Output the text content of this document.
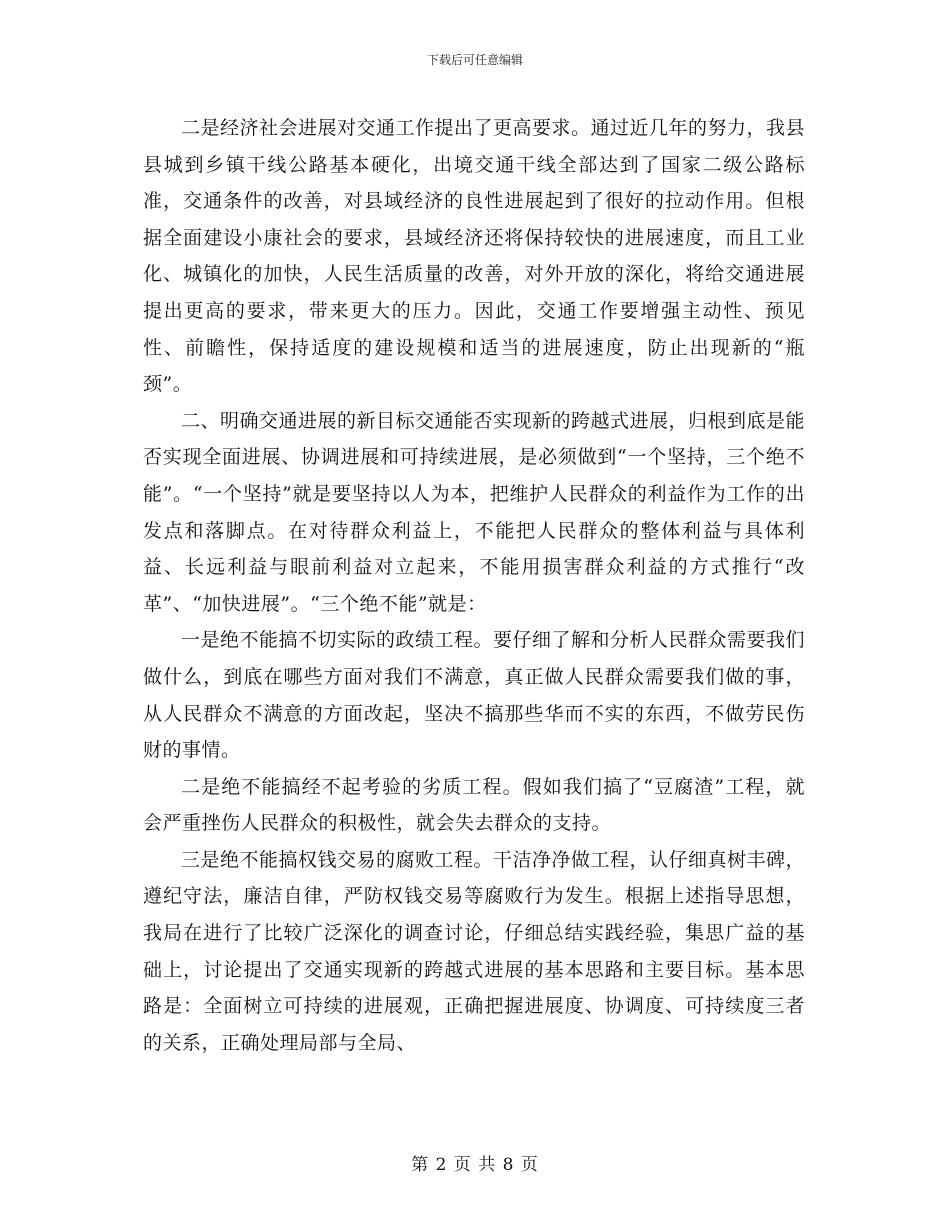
下载后可任意编辑

二是经济社会进展对交通工作提出了更高要求。通过近几年的努力，我县县城到乡镇干线公路基本硬化，出境交通干线全部达到了国家二级公路标准，交通条件的改善，对县域经济的良性进展起到了很好的拉动作用。但根据全面建设小康社会的要求，县域经济还将保持较快的进展速度，而且工业化、城镇化的加快，人民生活质量的改善，对外开放的深化，将给交通进展提出更高的要求，带来更大的压力。因此，交通工作要增强主动性、预见性、前瞻性，保持适度的建设规模和适当的进展速度，防止出现新的“瓶颈”。

二、明确交通进展的新目标交通能否实现新的跨越式进展，归根到底是能否实现全面进展、协调进展和可持续进展，是必须做到“一个坚持，三个绝不能”。“一个坚持”就是要坚持以人为本，把维护人民群众的利益作为工作的出发点和落脚点。在对待群众利益上，不能把人民群众的整体利益与具体利益、长远利益与眼前利益对立起来，不能用损害群众利益的方式推行“改革”、“加快进展”。“三个绝不能”就是：

一是绝不能搞不切实际的政绩工程。要仔细了解和分析人民群众需要我们做什么，到底在哪些方面对我们不满意，真正做人民群众需要我们做的事，从人民群众不满意的方面改起，坚决不搞那些华而不实的东西，不做劳民伤财的事情。

二是绝不能搞经不起考验的劣质工程。假如我们搞了“豆腐渣”工程，就会严重挫伤人民群众的积极性，就会失去群众的支持。

三是绝不能搞权钱交易的腐败工程。干洁净净做工程，认仔细真树丰碑，遵纪守法，廉洁自律，严防权钱交易等腐败行为发生。根据上述指导思想，我局在进行了比较广泛深化的调查讨论，仔细总结实践经验，集思广益的基础上，讨论提出了交通实现新的跨越式进展的基本思路和主要目标。基本思路是：全面树立可持续的进展观，正确把握进展度、协调度、可持续度三者的关系，正确处理局部与全局、

第 2 页 共 8 页
